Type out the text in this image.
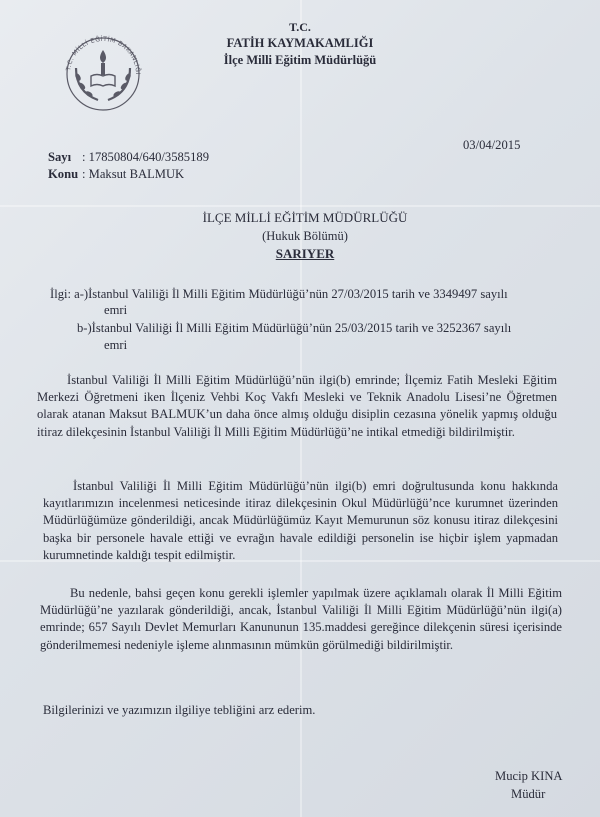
T.C. MİLLİ EĞİTİM BAKANLIĞI
T.C.
FATİH KAYMAKAMLIĞI
İlçe Milli Eğitim Müdürlüğü
03/04/2015
Sayı : 17850804/640/3585189
Konu : Maksut BALMUK
İLÇE MİLLİ EĞİTİM MÜDÜRLÜĞÜ
(Hukuk Bölümü)
SARIYER
İlgi: a-)İstanbul Valiliği İl Milli Eğitim Müdürlüğü’nün 27/03/2015 tarih ve 3349497 sayılı
emri
b-)İstanbul Valiliği İl Milli Eğitim Müdürlüğü’nün 25/03/2015 tarih ve 3252367 sayılı
emri
İstanbul Valiliği İl Milli Eğitim Müdürlüğü’nün ilgi(b) emrinde; İlçemiz Fatih Mesleki Eğitim Merkezi Öğretmeni iken İlçeniz Vehbi Koç Vakfı Mesleki ve Teknik Anadolu Lisesi’ne Öğretmen olarak atanan Maksut BALMUK’un daha önce almış olduğu disiplin cezasına yönelik yapmış olduğu itiraz dilekçesinin İstanbul Valiliği İl Milli Eğitim Müdürlüğü’ne intikal etmediği bildirilmiştir.
İstanbul Valiliği İl Milli Eğitim Müdürlüğü’nün ilgi(b) emri doğrultusunda konu hakkında kayıtlarımızın incelenmesi neticesinde itiraz dilekçesinin Okul Müdürlüğü’nce kurumnet üzerinden Müdürlüğümüze gönderildiği, ancak Müdürlüğümüz Kayıt Memurunun söz konusu itiraz dilekçesini başka bir personele havale ettiği ve evrağın havale edildiği personelin ise hiçbir işlem yapmadan kurumnetinde kaldığı tespit edilmiştir.
Bu nedenle, bahsi geçen konu gerekli işlemler yapılmak üzere açıklamalı olarak İl Milli Eğitim Müdürlüğü’ne yazılarak gönderildiği, ancak, İstanbul Valiliği İl Milli Eğitim Müdürlüğü’nün ilgi(a) emrinde; 657 Sayılı Devlet Memurları Kanununun 135.maddesi gereğince dilekçenin süresi içerisinde gönderilmemesi nedeniyle işleme alınmasının mümkün görülmediği bildirilmiştir.
Bilgilerinizi ve yazımızın ilgiliye tebliğini arz ederim.
Mucip KINA
Müdür
